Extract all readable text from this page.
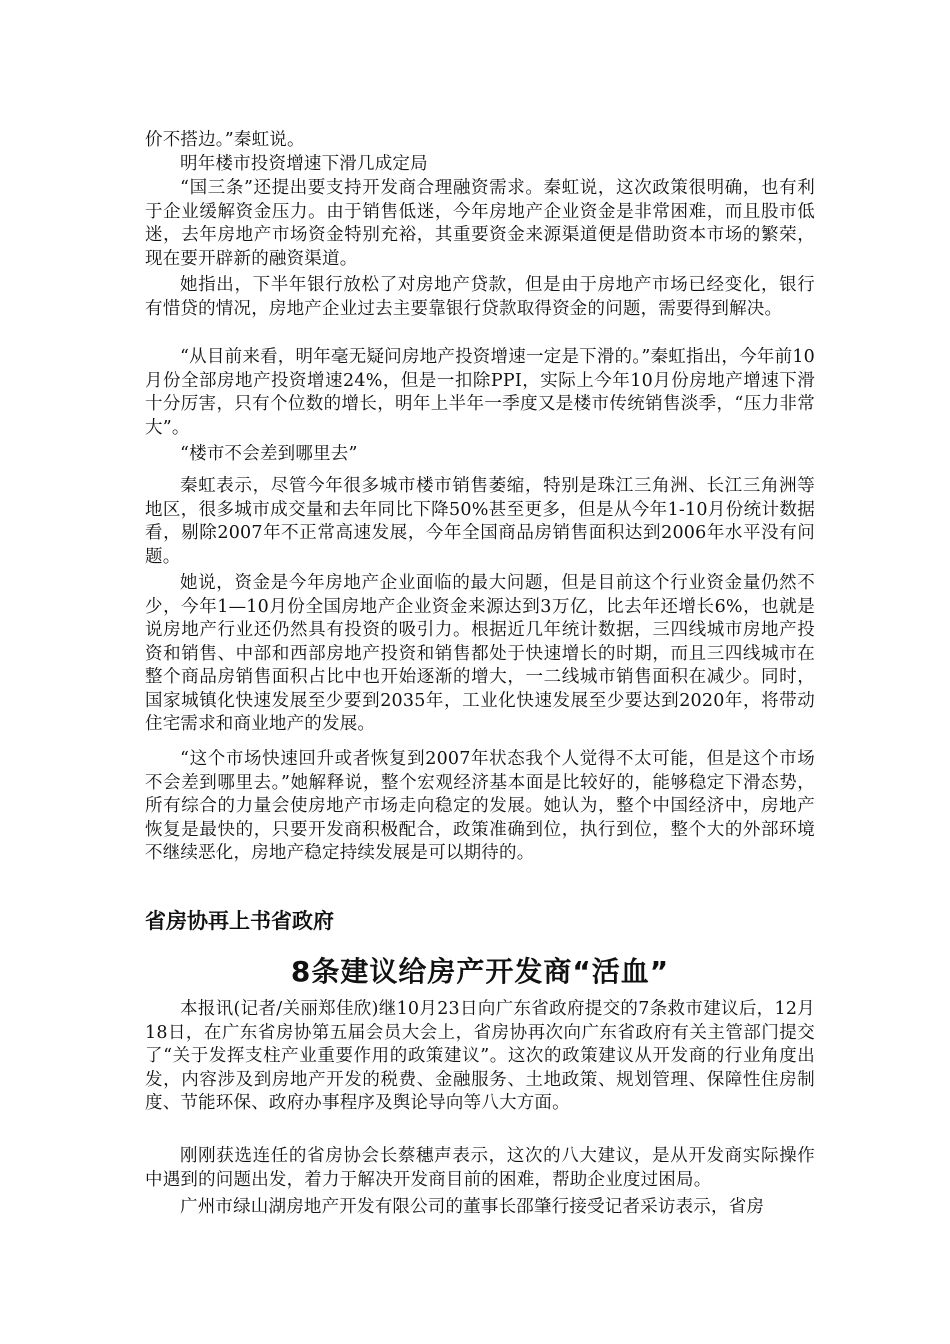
价不搭边。”秦虹说。

明年楼市投资增速下滑几成定局

“国三条”还提出要支持开发商合理融资需求。秦虹说，这次政策很明确，也有利于企业缓解资金压力。由于销售低迷，今年房地产企业资金是非常困难，而且股市低迷，去年房地产市场资金特别充裕，其重要资金来源渠道便是借助资本市场的繁荣，现在要开辟新的融资渠道。

她指出，下半年银行放松了对房地产贷款，但是由于房地产市场已经变化，银行有惜贷的情况，房地产企业过去主要靠银行贷款取得资金的问题，需要得到解决。

“从目前来看，明年毫无疑问房地产投资增速一定是下滑的。”秦虹指出，今年前10月份全部房地产投资增速24%，但是一扣除PPI，实际上今年10月份房地产增速下滑十分厉害，只有个位数的增长，明年上半年一季度又是楼市传统销售淡季，“压力非常大”。

“楼市不会差到哪里去”

秦虹表示，尽管今年很多城市楼市销售萎缩，特别是珠江三角洲、长江三角洲等地区，很多城市成交量和去年同比下降50%甚至更多，但是从今年1-10月份统计数据看，剔除2007年不正常高速发展，今年全国商品房销售面积达到2006年水平没有问题。

她说，资金是今年房地产企业面临的最大问题，但是目前这个行业资金量仍然不少，今年1—10月份全国房地产企业资金来源达到3万亿，比去年还增长6%，也就是说房地产行业还仍然具有投资的吸引力。根据近几年统计数据，三四线城市房地产投资和销售、中部和西部房地产投资和销售都处于快速增长的时期，而且三四线城市在整个商品房销售面积占比中也开始逐渐的增大，一二线城市销售面积在减少。同时，国家城镇化快速发展至少要到2035年，工业化快速发展至少要达到2020年，将带动住宅需求和商业地产的发展。

“这个市场快速回升或者恢复到2007年状态我个人觉得不太可能，但是这个市场不会差到哪里去。”她解释说，整个宏观经济基本面是比较好的，能够稳定下滑态势，所有综合的力量会使房地产市场走向稳定的发展。她认为，整个中国经济中，房地产恢复是最快的，只要开发商积极配合，政策准确到位，执行到位，整个大的外部环境不继续恶化，房地产稳定持续发展是可以期待的。

省房协再上书省政府
8条建议给房产开发商“活血”

本报讯(记者/关丽郑佳欣)继10月23日向广东省政府提交的7条救市建议后，12月18日，在广东省房协第五届会员大会上，省房协再次向广东省政府有关主管部门提交了“关于发挥支柱产业重要作用的政策建议”。这次的政策建议从开发商的行业角度出发，内容涉及到房地产开发的税费、金融服务、土地政策、规划管理、保障性住房制度、节能环保、政府办事程序及舆论导向等八大方面。

刚刚获选连任的省房协会长蔡穗声表示，这次的八大建议，是从开发商实际操作中遇到的问题出发，着力于解决开发商目前的困难，帮助企业度过困局。

广州市绿山湖房地产开发有限公司的董事长邵肇行接受记者采访表示，省房
